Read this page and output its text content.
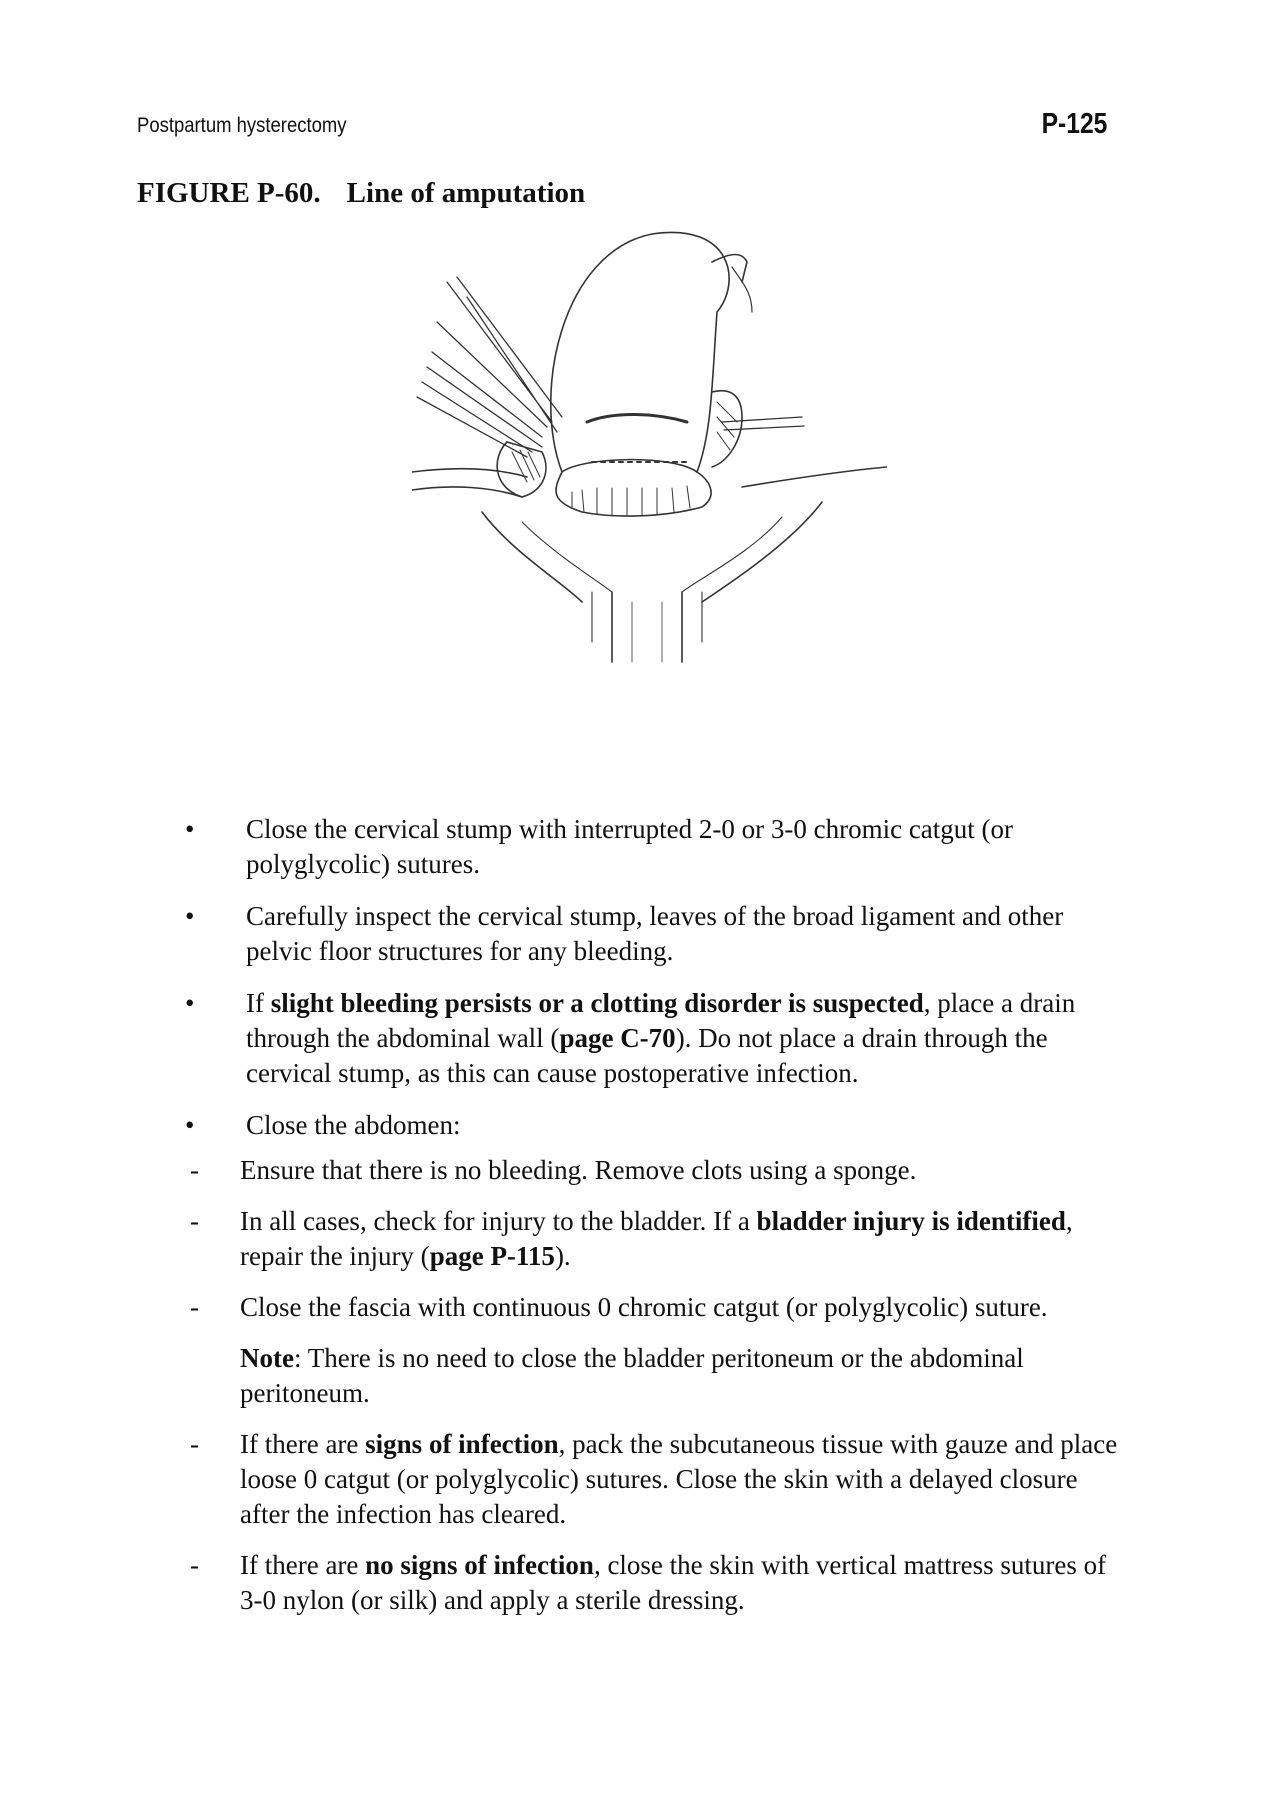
Postpartum hysterectomy	P-125
FIGURE P-60. Line of amputation
• Close the cervical stump with interrupted 2-0 or 3-0 chromic catgut (or polyglycolic) sutures.
• Carefully inspect the cervical stump, leaves of the broad ligament and other pelvic floor structures for any bleeding.
• If slight bleeding persists or a clotting disorder is suspected, place a drain through the abdominal wall (page C-70). Do not place a drain through the cervical stump, as this can cause postoperative infection.
• Close the abdomen:
- Ensure that there is no bleeding. Remove clots using a sponge.
- In all cases, check for injury to the bladder. If a bladder injury is identified, repair the injury (page P-115).
- Close the fascia with continuous 0 chromic catgut (or polyglycolic) suture.
Note: There is no need to close the bladder peritoneum or the abdominal peritoneum.
- If there are signs of infection, pack the subcutaneous tissue with gauze and place loose 0 catgut (or polyglycolic) sutures. Close the skin with a delayed closure after the infection has cleared.
- If there are no signs of infection, close the skin with vertical mattress sutures of 3-0 nylon (or silk) and apply a sterile dressing.
